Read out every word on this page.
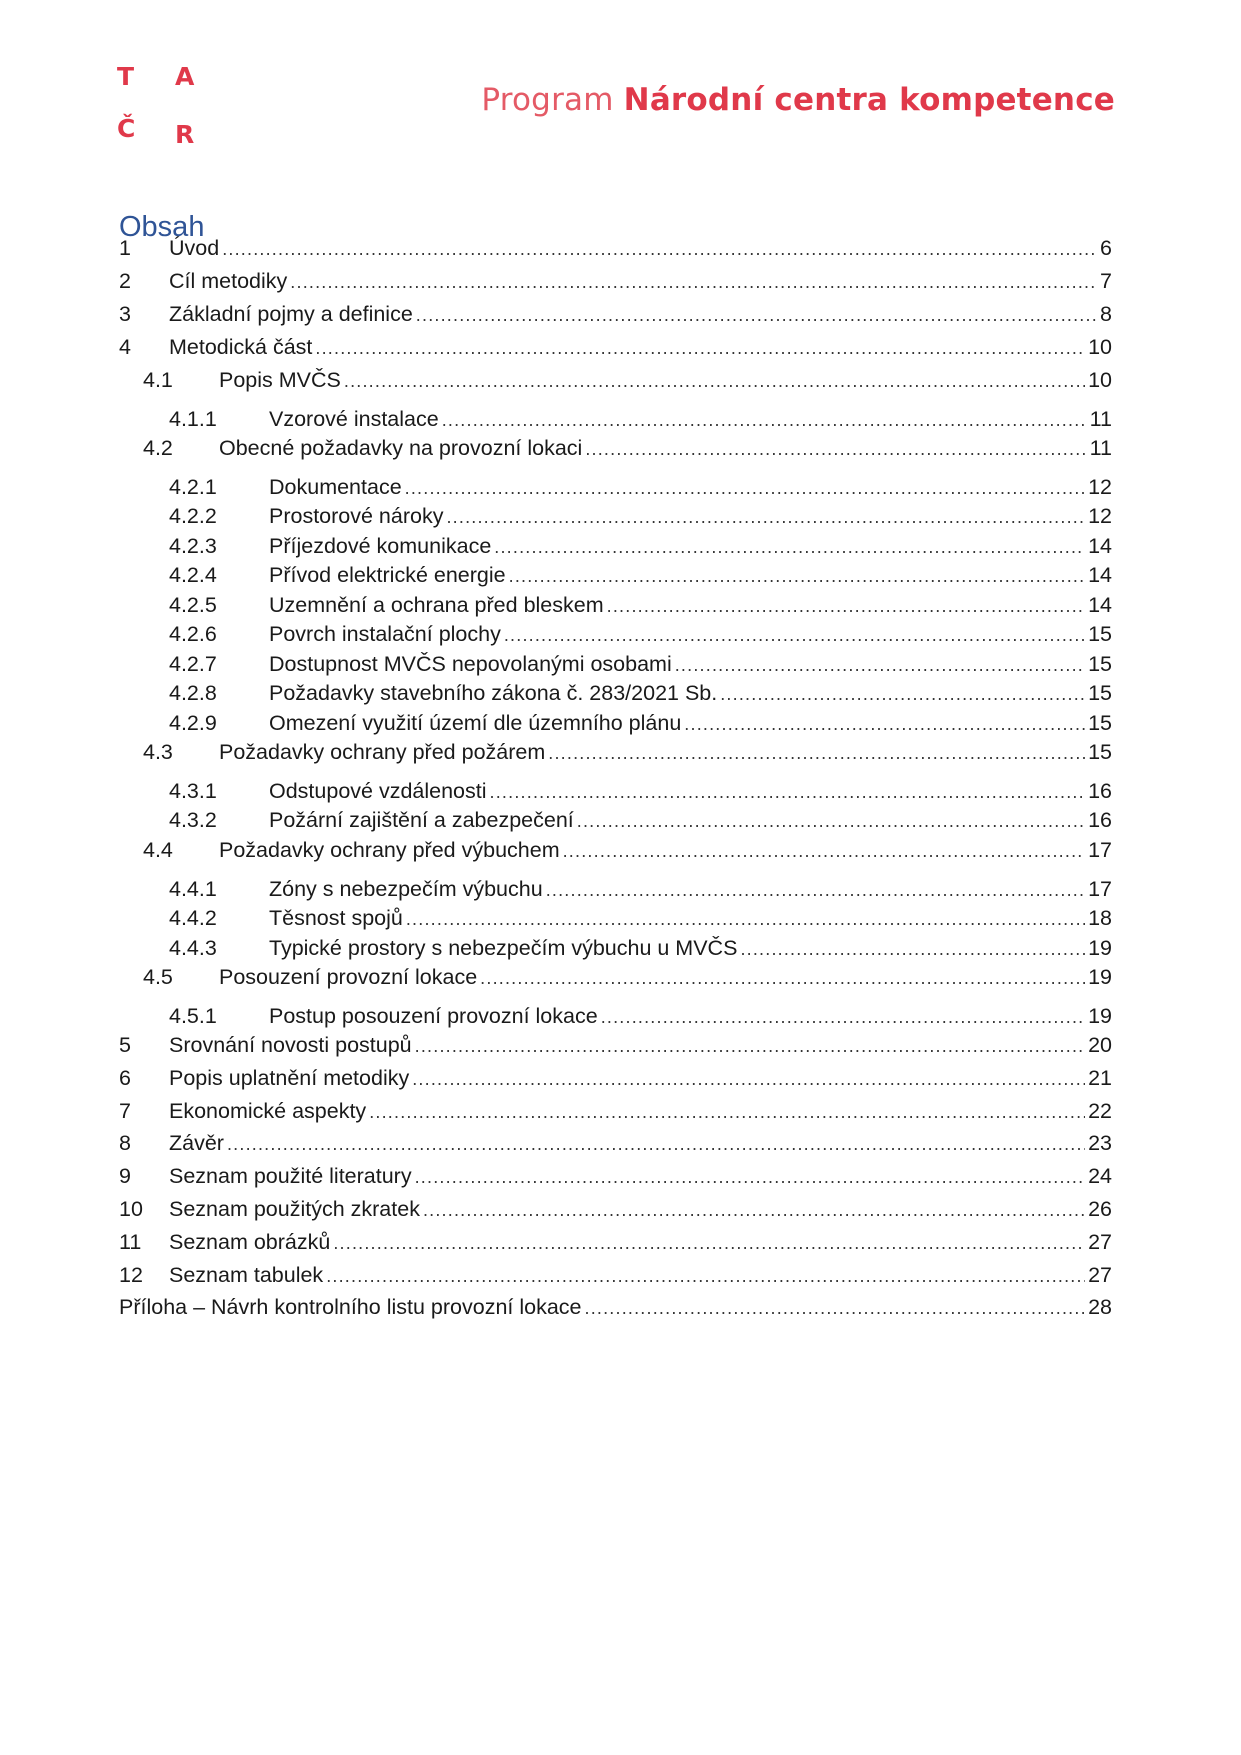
T A
Č R
Program Národní centra kompetence
Obsah
1	Úvod .....	6
2	Cíl metodiky .....	7
3	Základní pojmy a definice .....	8
4	Metodická část .....	10
4.1	Popis MVČS .....	10
4.1.1	Vzorové instalace .....	11
4.2	Obecné požadavky na provozní lokaci .....	11
4.2.1	Dokumentace .....	12
4.2.2	Prostorové nároky .....	12
4.2.3	Příjezdové komunikace .....	14
4.2.4	Přívod elektrické energie .....	14
4.2.5	Uzemnění a ochrana před bleskem .....	14
4.2.6	Povrch instalační plochy .....	15
4.2.7	Dostupnost MVČS nepovolanými osobami .....	15
4.2.8	Požadavky stavebního zákona č. 283/2021 Sb. .....	15
4.2.9	Omezení využití území dle územního plánu .....	15
4.3	Požadavky ochrany před požárem .....	15
4.3.1	Odstupové vzdálenosti .....	16
4.3.2	Požární zajištění a zabezpečení .....	16
4.4	Požadavky ochrany před výbuchem .....	17
4.4.1	Zóny s nebezpečím výbuchu .....	17
4.4.2	Těsnost spojů .....	18
4.4.3	Typické prostory s nebezpečím výbuchu u MVČS .....	19
4.5	Posouzení provozní lokace .....	19
4.5.1	Postup posouzení provozní lokace .....	19
5	Srovnání novosti postupů .....	20
6	Popis uplatnění metodiky .....	21
7	Ekonomické aspekty .....	22
8	Závěr .....	23
9	Seznam použité literatury .....	24
10	Seznam použitých zkratek .....	26
11	Seznam obrázků .....	27
12	Seznam tabulek .....	27
Příloha – Návrh kontrolního listu provozní lokace .....	28
